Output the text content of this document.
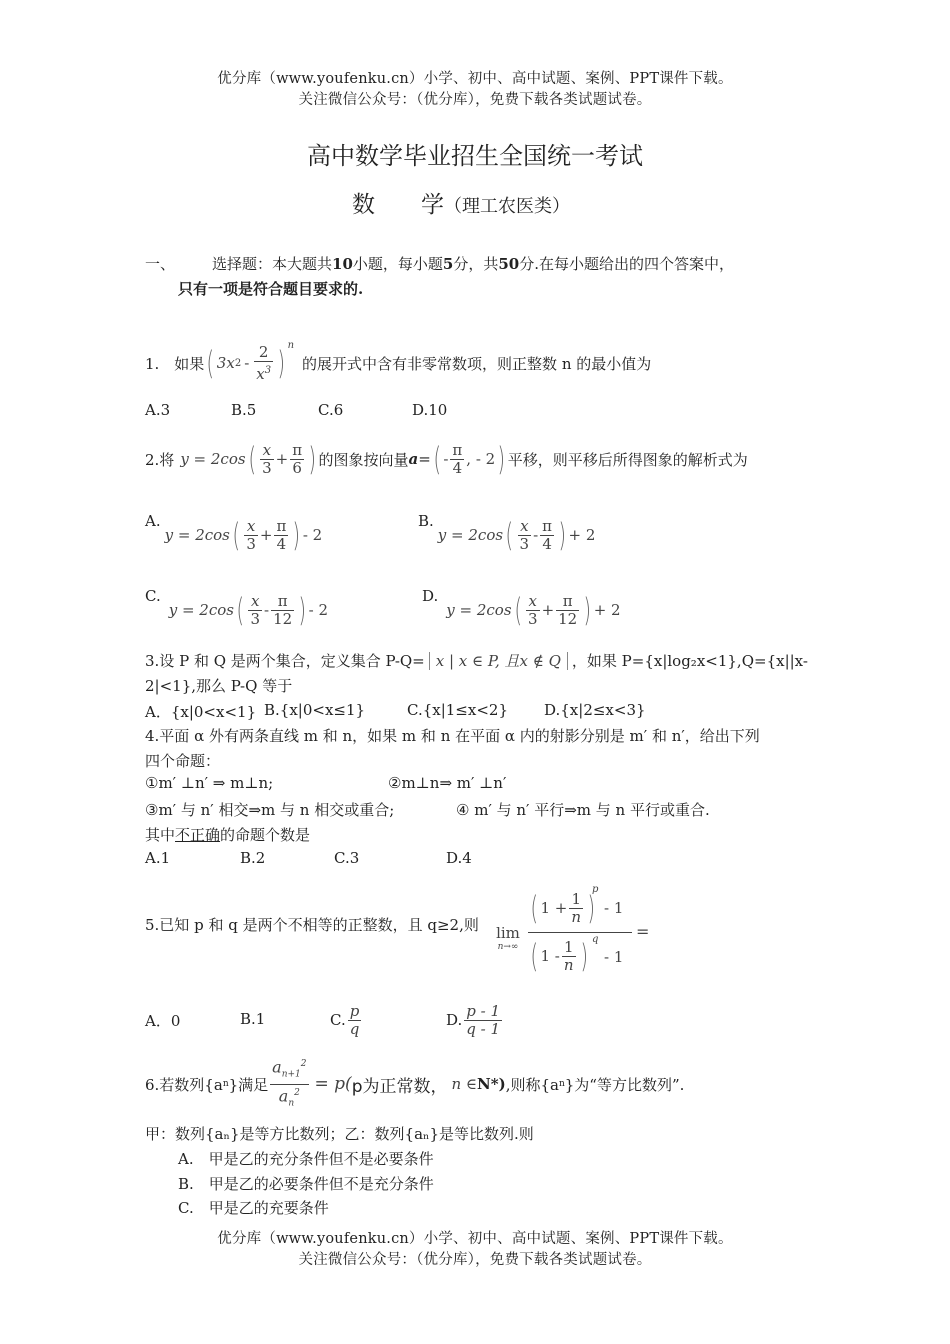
优分库（www.youfenku.cn）小学、初中、高中试题、案例、PPT课件下载。
关注微信公众号：（优分库），免费下载各类试题试卷。
高中数学毕业招生全国统一考试
数　　学（理工农医类）
一、 选择题：本大题共10小题，每小题5分，共50分.在每小题给出的四个答案中，
只有一项是符合题目要求的.
1.　如果 ( 3x $2 - \frac{2}{x^3} )^n$
的展开式中含有非零常数项，则正整数 n 的最小值为
A.3	B.5	C.6	D.10
2.将 y = 2cos ( $\frac{x}{3} + \frac{\pi}{6}$ ) 的图象按向量 a = ( - $\frac{\pi}{4}$ , - 2 ) 平移，则平移后所得图象的解析式为
A.
y = 2cos ( $\frac{x}{3} + \frac{\pi}{4}$ ) - 2
B.
y = 2cos ( $\frac{x}{3} - \frac{\pi}{4}$ ) + 2
C.
y = 2cos ( $\frac{x}{3} - \frac{\pi}{12}$ ) - 2
D.
y = 2cos ( $\frac{x}{3} + \frac{\pi}{12}$ ) + 2
3.设 P 和 Q 是两个集合，定义集合 P-Q= x | x ∈ P, 且x ∉ Q ，如果 P={x|log₂x<1},Q={x||x-
2|<1},那么 P-Q 等于
A．{x|0<x<1} B.{x|0<x≤1}	C.{x|1≤x<2} D.{x|2≤x<3}
4.平面 α 外有两条直线 m 和 n，如果 m 和 n 在平面 α 内的射影分别是 m′ 和 n′，给出下列
四个命题：
①m′ ⊥n′ ⇒ m⊥n;	②m⊥n⇒ m′ ⊥n′
③m′ 与 n′ 相交⇒m 与 n 相交或重合;	④ m′ 与 n′ 平行⇒m 与 n 平行或重合.
其中不正确的命题个数是
A.1	B.2	C.3	D.4
5.已知 p 和 q 是两个不相等的正整数，且 q≥2,则	lim
n→∞
( $1 + \frac{1}{n}$ )
p
- 1
( $1 - \frac{1}{n}$ ) q
- 1
=
A．0	B.1	C. $\frac{p}{q}$	D. $\frac{p - 1}{q - 1}$
6.若数列{a n }满足 $\frac{a_{n+1}^2}{a_n^2} = p$( p为正常数， n ∈ N*) ,则称{a n }为“等方比数列”.
甲：数列{aₙ}是等方比数列；乙：数列{aₙ}是等比数列.则
A.　甲是乙的充分条件但不是必要条件
B.　甲是乙的必要条件但不是充分条件
C.　甲是乙的充要条件
优分库（www.youfenku.cn）小学、初中、高中试题、案例、PPT课件下载。
关注微信公众号：（优分库），免费下载各类试题试卷。
